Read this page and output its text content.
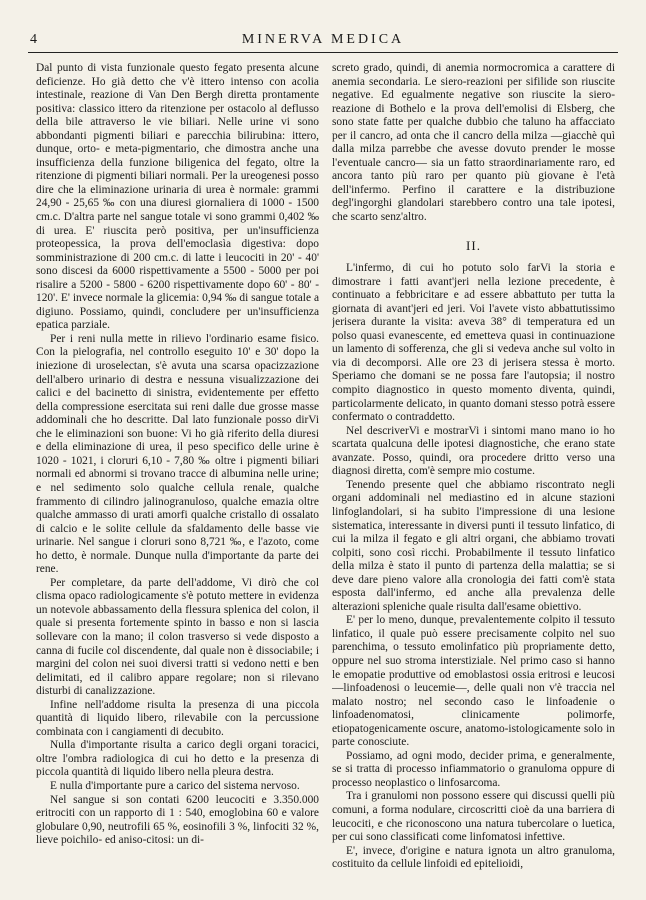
4	MINERVA MEDICA

Dal punto di vista funzionale questo fegato presenta alcune deficienze. Ho già detto che v'è ittero intenso con acolia intestinale, reazione di Van Den Bergh diretta prontamente positiva: classico ittero da ritenzione per ostacolo al deflusso della bile attraverso le vie biliari. Nelle urine vi sono abbondanti pigmenti biliari e parecchia bilirubina: ittero, dunque, orto- e meta-pigmentario, che dimostra anche una insufficienza della funzione biligenica del fegato, oltre la ritenzione di pigmenti biliari normali. Per la ureogenesi posso dire che la eliminazione urinaria di urea è normale: grammi 24,90 - 25,65 ‰ con una diuresi giornaliera di 1000 - 1500 cm.c. D'altra parte nel sangue totale vi sono grammi 0,402 ‰ di urea. E' riuscita però positiva, per un'insufficienza proteopessica, la prova dell'emoclasìa digestiva: dopo somministrazione di 200 cm.c. di latte i leucociti in 20' - 40' sono discesi da 6000 rispettivamente a 5500 - 5000 per poi risalire a 5200 - 5800 - 6200 rispettivamente dopo 60' - 80' - 120'. E' invece normale la glicemia: 0,94 ‰ di sangue totale a digiuno. Possiamo, quindi, concludere per un'insufficienza epatica parziale.

Per i reni nulla mette in rilievo l'ordinario esame fisico. Con la pielografia, nel controllo eseguito 10' e 30' dopo la iniezione di uroselectan, s'è avuta una scarsa opacizzazione dell'albero urinario di destra e nessuna visualizzazione dei calici e del bacinetto di sinistra, evidentemente per effetto della compressione esercitata sui reni dalle due grosse masse addominali che ho descritte. Dal lato funzionale posso dirVi che le eliminazioni son buone: Vi ho già riferito della diuresi e della eliminazione di urea, il peso specifico delle urine è 1020 - 1021, i cloruri 6,10 - 7,80 ‰ oltre i pigmenti biliari normali ed abnormi si trovano tracce di albumina nelle urine; e nel sedimento solo qualche cellula renale, qualche frammento di cilindro jalinogranuloso, qualche emazia oltre qualche ammasso di urati amorfi qualche cristallo di ossalato di calcio e le solite cellule da sfaldamento delle basse vie urinarie. Nel sangue i cloruri sono 8,721 ‰, e l'azoto, come ho detto, è normale. Dunque nulla d'importante da parte dei rene.

Per completare, da parte dell'addome, Vi dirò che col clisma opaco radiologicamente s'è potuto mettere in evidenza un notevole abbassamento della flessura splenica del colon, il quale si presenta fortemente spinto in basso e non si lascia sollevare con la mano; il colon trasverso si vede disposto a canna di fucile col discendente, dal quale non è dissociabile; i margini del colon nei suoi diversi tratti si vedono netti e ben delimitati, ed il calibro appare regolare; non si rilevano disturbi di canalizzazione.

Infine nell'addome risulta la presenza di una piccola quantità di liquido libero, rilevabile con la percussione combinata con i cangiamenti di decubito.

Nulla d'importante risulta a carico degli organi toracici, oltre l'ombra radiologica di cui ho detto e la presenza di piccola quantità di liquido libero nella pleura destra.

E nulla d'importante pure a carico del sistema nervoso.

Nel sangue si son contati 6200 leucociti e 3.350.000 eritrociti con un rapporto di 1 : 540, emoglobina 60 e valore globulare 0,90, neutrofili 65 %, eosinofili 3 %, linfociti 32 %, lieve poichilo- ed aniso-citosi: un di-

screto grado, quindi, di anemia normocromica a carattere di anemia secondaria. Le siero-reazioni per sifilide son riuscite negative. Ed egualmente negative son riuscite la siero-reazione di Bothelo e la prova dell'emolisi di Elsberg, che sono state fatte per qualche dubbio che taluno ha affacciato per il cancro, ad onta che il cancro della milza —giacchè quì dalla milza parrebbe che avesse dovuto prender le mosse l'eventuale cancro— sia un fatto straordinariamente raro, ed ancora tanto più raro per quanto più giovane è l'età dell'infermo. Perfino il carattere e la distribuzione degl'ingorghi glandolari starebbero contro una tale ipotesi, che scarto senz'altro.

II.

L'infermo, di cui ho potuto solo farVi la storia e dimostrare i fatti avant'jeri nella lezione precedente, è continuato a febbricitare e ad essere abbattuto per tutta la giornata di avant'jeri ed jeri. Voi l'avete visto abbattutissimo jerisera durante la visita: aveva 38° di temperatura ed un polso quasi evanescente, ed emetteva quasi in continuazione un lamento di sofferenza, che gli si vedeva anche sul volto in via di decomporsi. Alle ore 23 di jerisera stessa è morto. Speriamo che domani se ne possa fare l'autopsia; il nostro compito diagnostico in questo momento diventa, quindi, particolarmente delicato, in quanto domani stesso potrà essere confermato o contraddetto.

Nel descriverVi e mostrarVi i sintomi mano mano io ho scartata qualcuna delle ipotesi diagnostiche, che erano state avanzate. Posso, quindi, ora procedere dritto verso una diagnosi diretta, com'è sempre mio costume.

Tenendo presente quel che abbiamo riscontrato negli organi addominali nel mediastino ed in alcune stazioni linfoglandolari, si ha subito l'impressione di una lesione sistematica, interessante in diversi punti il tessuto linfatico, di cui la milza il fegato e gli altri organi, che abbiamo trovati colpiti, sono così ricchi. Probabilmente il tessuto linfatico della milza è stato il punto di partenza della malattia; se si deve dare pieno valore alla cronologia dei fatti com'è stata esposta dall'infermo, ed anche alla prevalenza delle alterazioni spleniche quale risulta dall'esame obiettivo.

E' per lo meno, dunque, prevalentemente colpito il tessuto linfatico, il quale può essere precisamente colpito nel suo parenchima, o tessuto emolinfatico più propriamente detto, oppure nel suo stroma interstiziale. Nel primo caso si hanno le emopatie produttive od emoblastosi ossia eritrosi e leucosi —linfoadenosi o leucemie—, delle quali non v'è traccia nel malato nostro; nel secondo caso le linfoadenie o linfoadenomatosi, clinicamente polimorfe, etiopatogenicamente oscure, anatomo-istologicamente solo in parte conosciute.

Possiamo, ad ogni modo, decider prima, e generalmente, se si tratta di processo infiammatorio o granuloma oppure di processo neoplastico o linfosarcoma.

Tra i granulomi non possono essere qui discussi quelli più comuni, a forma nodulare, circoscritti cioè da una barriera di leucociti, e che riconoscono una natura tubercolare o luetica, per cui sono classificati come linfomatosi infettive.

E', invece, d'origine e natura ignota un altro granuloma, costituito da cellule linfoidi ed epitelioidi,
